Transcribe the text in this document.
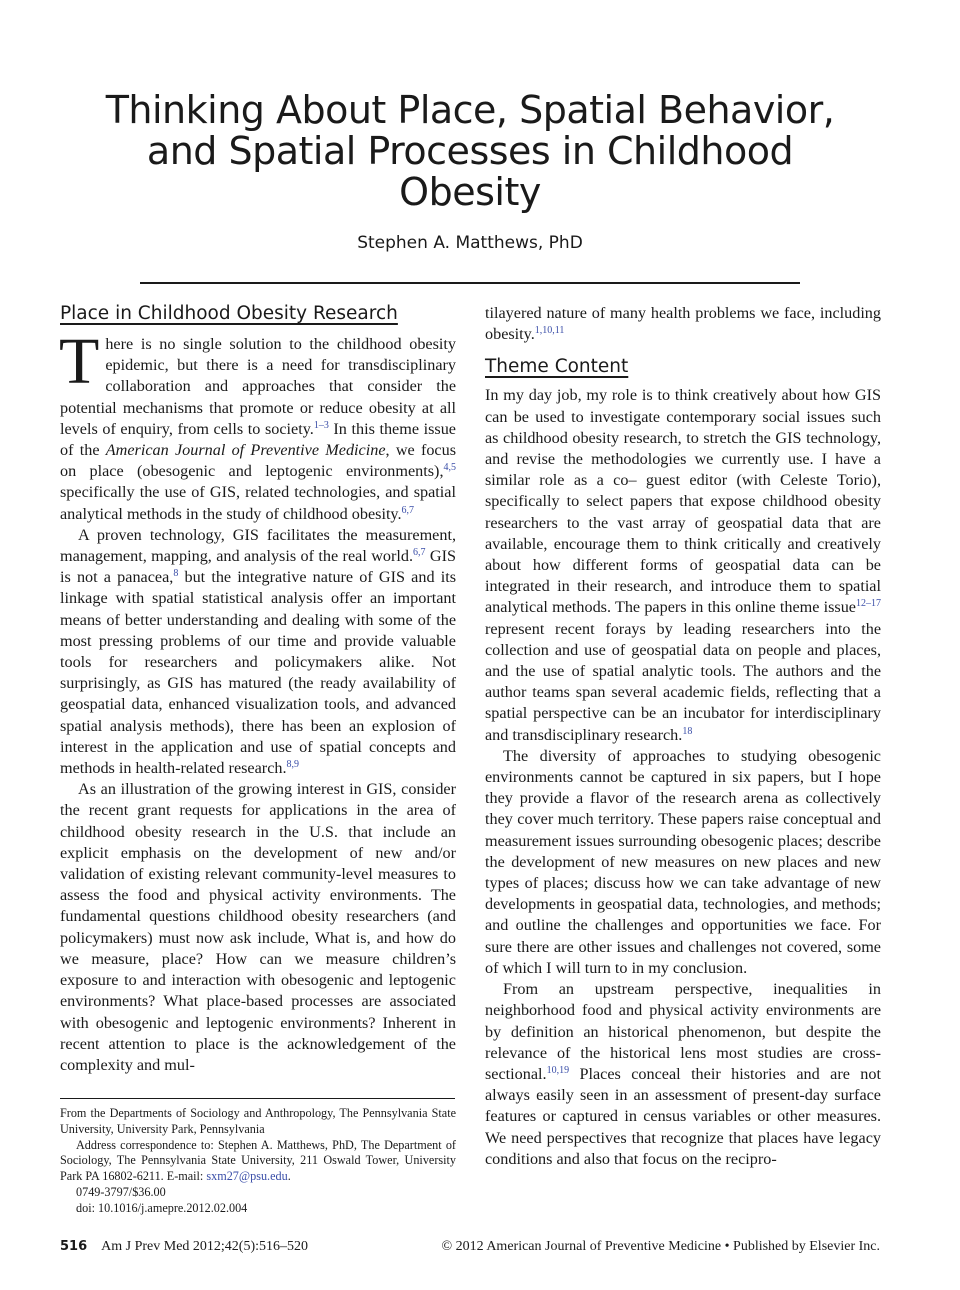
Thinking About Place, Spatial Behavior, and Spatial Processes in Childhood Obesity
Stephen A. Matthews, PhD
Place in Childhood Obesity Research

There is no single solution to the childhood obesity epidemic, but there is a need for transdisciplinary collaboration and approaches that consider the potential mechanisms that promote or reduce obesity at all levels of enquiry, from cells to society.$^{1-3}$ In this theme issue of the American Journal of Preventive Medicine, we focus on place (obesogenic and leptogenic environments),$^{4,5}$ specifically the use of GIS, related technologies, and spatial analytical methods in the study of childhood obesity.$^{6,7}$

A proven technology, GIS facilitates the measurement, management, mapping, and analysis of the real world.$^{6,7}$ GIS is not a panacea,$^8$ but the integrative nature of GIS and its linkage with spatial statistical analysis offer an important means of better understanding and dealing with some of the most pressing problems of our time and provide valuable tools for researchers and policymakers alike. Not surprisingly, as GIS has matured (the ready availability of geospatial data, enhanced visualization tools, and advanced spatial analysis methods), there has been an explosion of interest in the application and use of spatial concepts and methods in health-related research.$^{8,9}$

As an illustration of the growing interest in GIS, consider the recent grant requests for applications in the area of childhood obesity research in the U.S. that include an explicit emphasis on the development of new and/or validation of existing relevant community-level measures to assess the food and physical activity environments. The fundamental questions childhood obesity researchers (and policymakers) must now ask include, What is, and how do we measure, place? How can we measure children’s exposure to and interaction with obesogenic and leptogenic environments? What place-based processes are associated with obesogenic and leptogenic environments? Inherent in recent attention to place is the acknowledgement of the complexity and mul-

tilayered nature of many health problems we face, including obesity.$^{1,10,11}$

Theme Content

In my day job, my role is to think creatively about how GIS can be used to investigate contemporary social issues such as childhood obesity research, to stretch the GIS technology, and revise the methodologies we currently use. I have a similar role as a co– guest editor (with Celeste Torio), specifically to select papers that expose childhood obesity researchers to the vast array of geospatial data that are available, encourage them to think critically and creatively about how different forms of geospatial data can be integrated in their research, and introduce them to spatial analytical methods. The papers in this online theme issue$^{12-17}$ represent recent forays by leading researchers into the collection and use of geospatial data on people and places, and the use of spatial analytic tools. The authors and the author teams span several academic fields, reflecting that a spatial perspective can be an incubator for interdisciplinary and transdisciplinary research.$^{18}$

The diversity of approaches to studying obesogenic environments cannot be captured in six papers, but I hope they provide a flavor of the research arena as collectively they cover much territory. These papers raise conceptual and measurement issues surrounding obesogenic places; describe the development of new measures on new places and new types of places; discuss how we can take advantage of new developments in geospatial data, technologies, and methods; and outline the challenges and opportunities we face. For sure there are other issues and challenges not covered, some of which I will turn to in my conclusion.

From an upstream perspective, inequalities in neighborhood food and physical activity environments are by definition an historical phenomenon, but despite the relevance of the historical lens most studies are cross-sectional.$^{10,19}$ Places conceal their histories and are not always easily seen in an assessment of present-day surface features or captured in census variables or other measures. We need perspectives that recognize that places have legacy conditions and also that focus on the recipro-

From the Departments of Sociology and Anthropology, The Pennsylvania State University, University Park, Pennsylvania

Address correspondence to: Stephen A. Matthews, PhD, The Department of Sociology, The Pennsylvania State University, 211 Oswald Tower, University Park PA 16802-6211. E-mail: sxm27@psu.edu.

0749-3797/$36.00

doi: 10.1016/j.amepre.2012.02.004

516 Am J Prev Med 2012;42(5):516–520	© 2012 American Journal of Preventive Medicine • Published by Elsevier Inc.
